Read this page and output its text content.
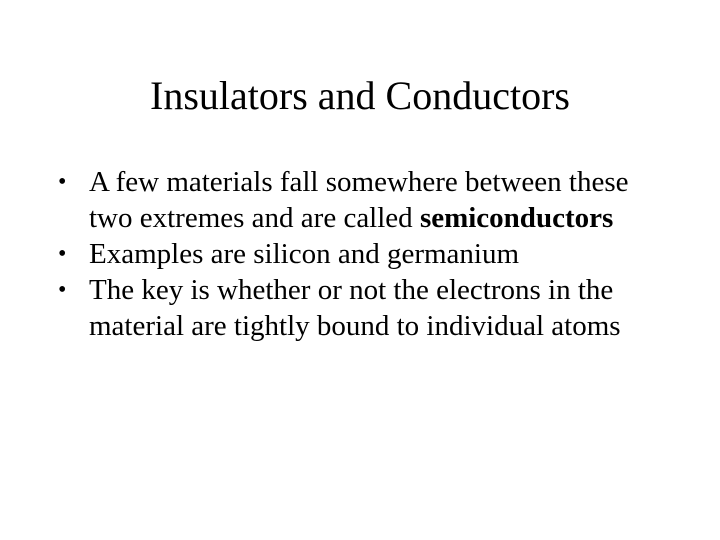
Insulators and Conductors
• A few materials fall somewhere between these two extremes and are called semiconductors
• Examples are silicon and germanium
• The key is whether or not the electrons in the material are tightly bound to individual atoms
